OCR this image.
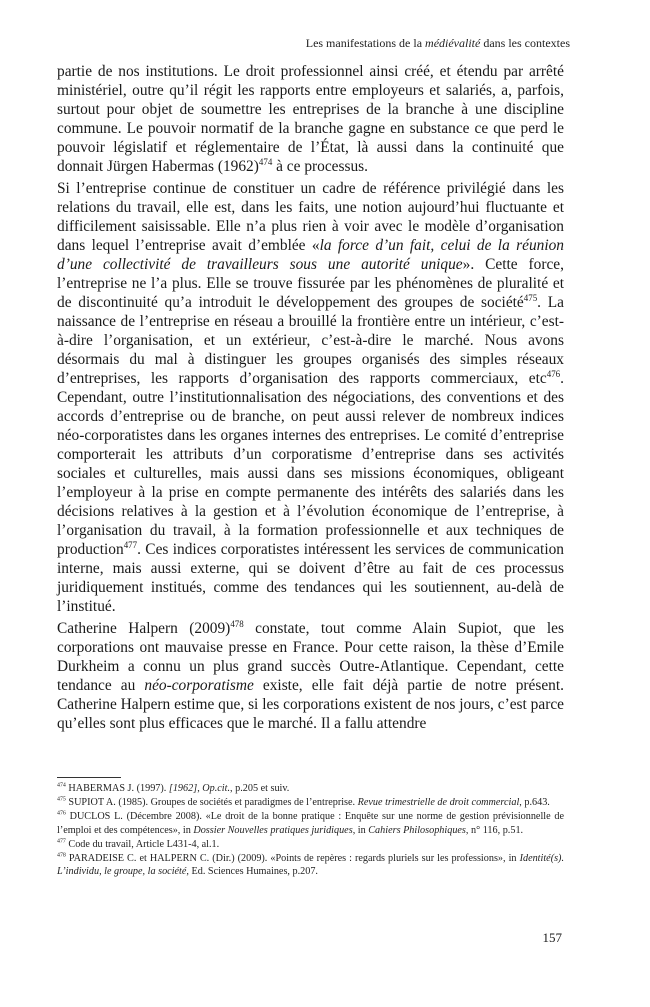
Les manifestations de la médiévalité dans les contextes

partie de nos institutions. Le droit professionnel ainsi créé, et étendu par arrêté ministériel, outre qu’il régit les rapports entre employeurs et salariés, a, parfois, surtout pour objet de soumettre les entreprises de la branche à une discipline commune. Le pouvoir normatif de la branche gagne en substance ce que perd le pouvoir législatif et réglementaire de l’État, là aussi dans la continuité que donnait Jürgen Habermas $(1962)^{474}$ à ce processus.

Si l’entreprise continue de constituer un cadre de référence privilégié dans les relations du travail, elle est, dans les faits, une notion aujourd’hui fluctuante et difficilement saisissable. Elle n’a plus rien à voir avec le modèle d’organisation dans lequel l’entreprise avait d’emblée «la force d’un fait, celui de la réunion d’une collectivité de travailleurs sous une autorité unique». Cette force, l’entreprise ne l’a plus. Elle se trouve fissurée par les phénomènes de pluralité et de discontinuité qu’a introduit le développement des groupes de société$^{475}$. La naissance de l’entreprise en réseau a brouillé la frontière entre un intérieur, c’est-à-dire l’organisation, et un extérieur, c’est-à-dire le marché. Nous avons désormais du mal à distinguer les groupes organisés des simples réseaux d’entreprises, les rapports d’organisation des rapports commerciaux, etc$^{476}$. Cependant, outre l’institutionnalisation des négociations, des conventions et des accords d’entreprise ou de branche, on peut aussi relever de nombreux indices néo-corporatistes dans les organes internes des entreprises. Le comité d’entreprise comporterait les attributs d’un corporatisme d’entreprise dans ses activités sociales et culturelles, mais aussi dans ses missions économiques, obligeant l’employeur à la prise en compte permanente des intérêts des salariés dans les décisions relatives à la gestion et à l’évolution économique de l’entreprise, à l’organisation du travail, à la formation professionnelle et aux techniques de production$^{477}$. Ces indices corporatistes intéressent les services de communication interne, mais aussi externe, qui se doivent d’être au fait de ces processus juridiquement institués, comme des tendances qui les soutiennent, au-delà de l’institué.

Catherine Halpern $(2009)^{478}$ constate, tout comme Alain Supiot, que les corporations ont mauvaise presse en France. Pour cette raison, la thèse d’Emile Durkheim a connu un plus grand succès Outre-Atlantique. Cependant, cette tendance au néo-corporatisme existe, elle fait déjà partie de notre présent. Catherine Halpern estime que, si les corporations existent de nos jours, c’est parce qu’elles sont plus efficaces que le marché. Il a fallu attendre

$^{474}$ HABERMAS J. (1997). [1962], Op.cit., p.205 et suiv.
$^{475}$ SUPIOT A. (1985). Groupes de sociétés et paradigmes de l’entreprise. Revue trimestrielle de droit commercial, p.643.
$^{476}$ DUCLOS L. (Décembre 2008). «Le droit de la bonne pratique : Enquête sur une norme de gestion prévisionnelle de l’emploi et des compétences», in Dossier Nouvelles pratiques juridiques, in Cahiers Philosophiques, n° 116, p.51.
$^{477}$ Code du travail, Article L431-4, al.1.
$^{478}$ PARADEISE C. et HALPERN C. (Dir.) (2009). «Points de repères : regards pluriels sur les professions», in Identité(s). L’individu, le groupe, la société, Ed. Sciences Humaines, p.207.
157
